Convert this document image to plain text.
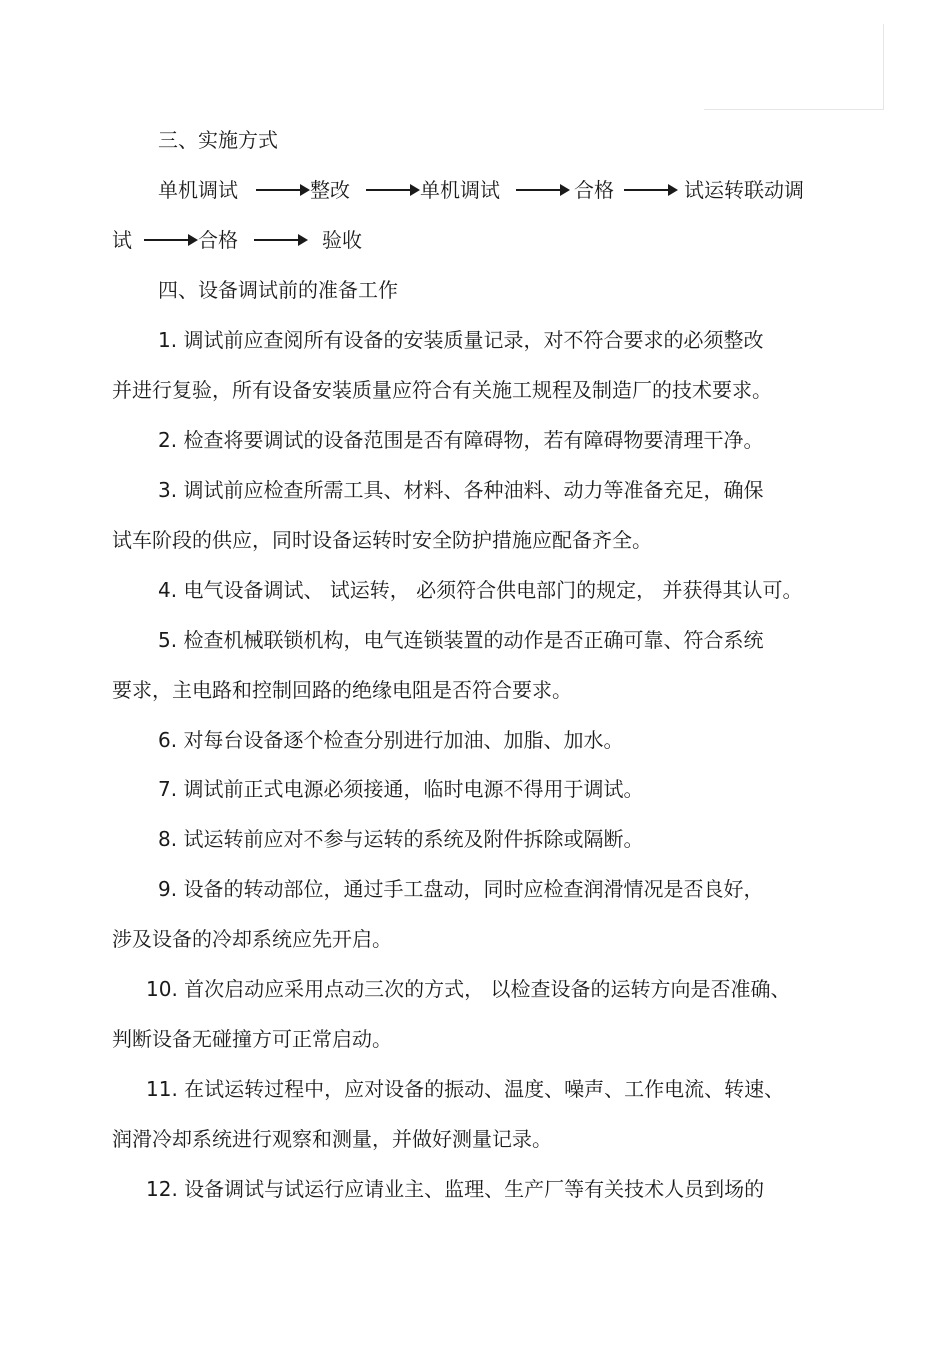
三、实施方式
单机调试	整改	单机调试	合格	试运转联动调
试	合格	验收
四、设备调试前的准备工作
1. 调试前应查阅所有设备的安装质量记录，对不符合要求的必须整改
并进行复验，所有设备安装质量应符合有关施工规程及制造厂的技术要求。
2. 检查将要调试的设备范围是否有障碍物，若有障碍物要清理干净。
3. 调试前应检查所需工具、材料、各种油料、动力等准备充足，确保
试车阶段的供应，同时设备运转时安全防护措施应配备齐全。
4. 电气设备调试、 试运转， 必须符合供电部门的规定， 并获得其认可。
5. 检查机械联锁机构，电气连锁装置的动作是否正确可靠、符合系统
要求，主电路和控制回路的绝缘电阻是否符合要求。
6. 对每台设备逐个检查分别进行加油、加脂、加水。
7. 调试前正式电源必须接通，临时电源不得用于调试。
8. 试运转前应对不参与运转的系统及附件拆除或隔断。
9. 设备的转动部位，通过手工盘动，同时应检查润滑情况是否良好，
涉及设备的冷却系统应先开启。
10. 首次启动应采用点动三次的方式， 以检查设备的运转方向是否准确、
判断设备无碰撞方可正常启动。
11. 在试运转过程中，应对设备的振动、温度、噪声、工作电流、转速、
润滑冷却系统进行观察和测量，并做好测量记录。
12. 设备调试与试运行应请业主、监理、生产厂等有关技术人员到场的
